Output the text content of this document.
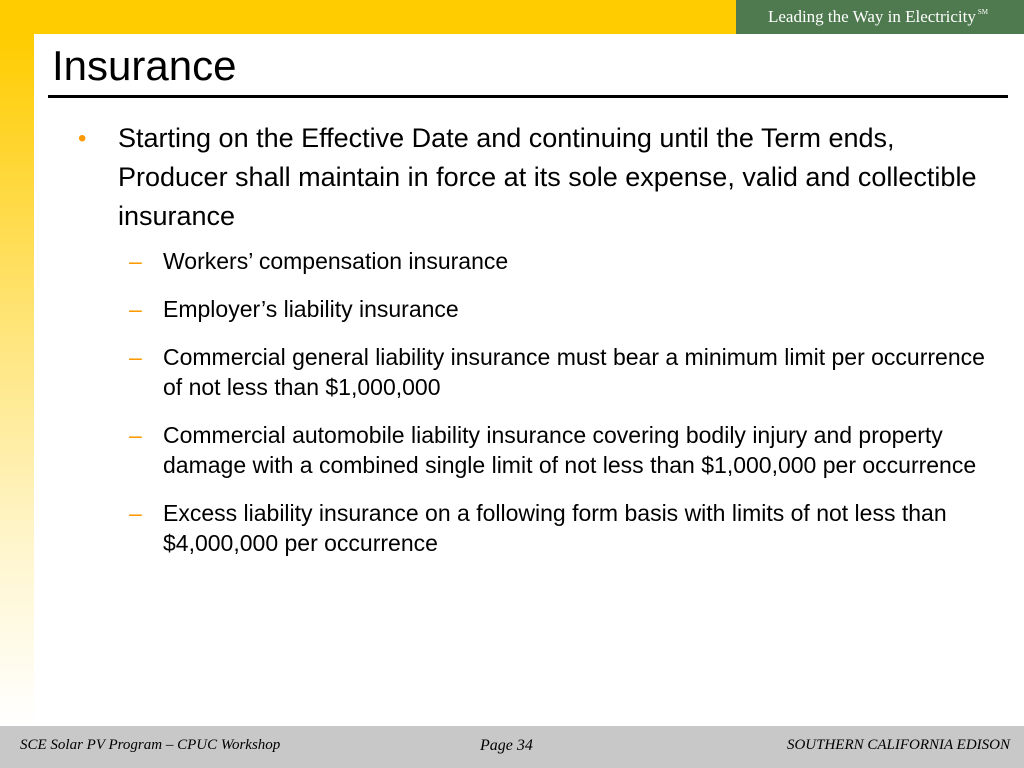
Leading the Way in Electricity ℠
Insurance
• Starting on the Effective Date and continuing until the Term ends, Producer shall maintain in force at its sole expense, valid and collectible insurance
– Workers’ compensation insurance
– Employer’s liability insurance
– Commercial general liability insurance must bear a minimum limit per occurrence of not less than $1,000,000
– Commercial automobile liability insurance covering bodily injury and property damage with a combined single limit of not less than $1,000,000 per occurrence
– Excess liability insurance on a following form basis with limits of not less than $4,000,000 per occurrence
SCE Solar PV Program – CPUC Workshop	Page 34	SOUTHERN CALIFORNIA EDISON
